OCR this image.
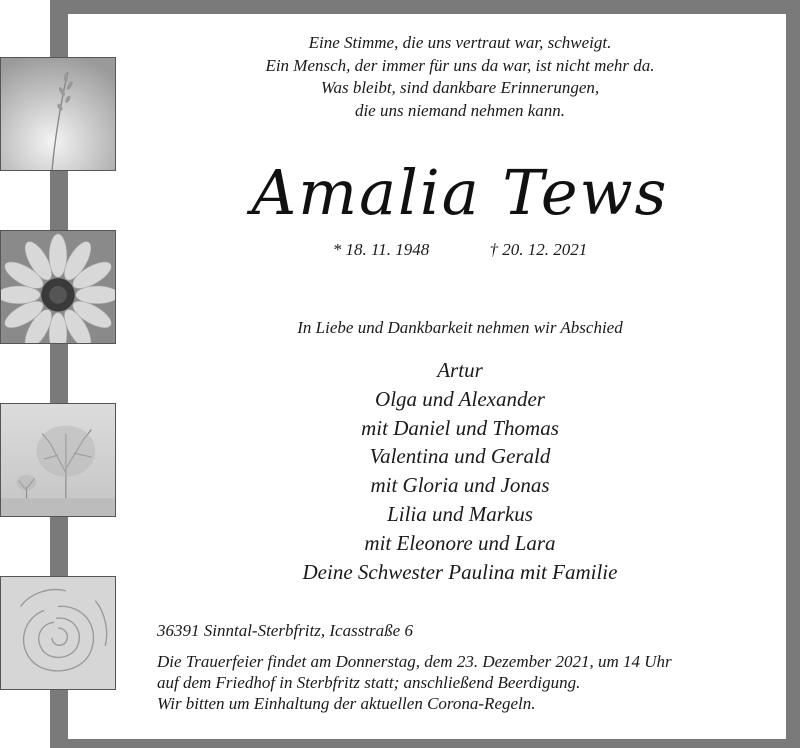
Eine Stimme, die uns vertraut war, schweigt.
Ein Mensch, der immer für uns da war, ist nicht mehr da.
Was bleibt, sind dankbare Erinnerungen,
die uns niemand nehmen kann.
Amalia Tews
* 18. 11. 1948	† 20. 12. 2021
In Liebe und Dankbarkeit nehmen wir Abschied
Artur
Olga und Alexander
mit Daniel und Thomas
Valentina und Gerald
mit Gloria und Jonas
Lilia und Markus
mit Eleonore und Lara
Deine Schwester Paulina mit Familie
36391 Sinntal-Sterbfritz, Icasstraße 6
Die Trauerfeier findet am Donnerstag, dem 23. Dezember 2021, um 14 Uhr
auf dem Friedhof in Sterbfritz statt; anschließend Beerdigung.
Wir bitten um Einhaltung der aktuellen Corona-Regeln.
